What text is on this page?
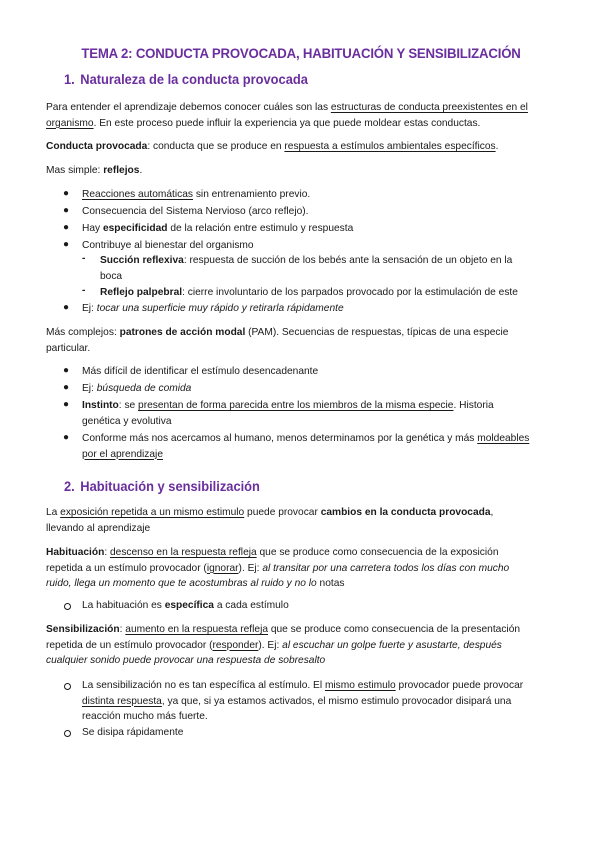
TEMA 2: CONDUCTA PROVOCADA, HABITUACIÓN Y SENSIBILIZACIÓN
1. Naturaleza de la conducta provocada
Para entender el aprendizaje debemos conocer cuáles son las estructuras de conducta preexistentes en el
organismo. En este proceso puede influir la experiencia ya que puede moldear estas conductas.
Conducta provocada: conducta que se produce en respuesta a estímulos ambientales específicos.
Mas simple: reflejos.
● Reacciones automáticas sin entrenamiento previo.
● Consecuencia del Sistema Nervioso (arco reflejo).
● Hay especificidad de la relación entre estimulo y respuesta
● Contribuye al bienestar del organismo
- Succión reflexiva: respuesta de succión de los bebés ante la sensación de un objeto en la
boca
- Reflejo palpebral: cierre involuntario de los parpados provocado por la estimulación de este
● Ej: tocar una superficie muy rápido y retirarla rápidamente
Más complejos: patrones de acción modal (PAM). Secuencias de respuestas, típicas de una especie
particular.
● Más difícil de identificar el estímulo desencadenante
● Ej: búsqueda de comida
● Instinto: se presentan de forma parecida entre los miembros de la misma especie. Historia
genética y evolutiva
● Conforme más nos acercamos al humano, menos determinamos por la genética y más moldeables
por el aprendizaje
2. Habituación y sensibilización
La exposición repetida a un mismo estimulo puede provocar cambios en la conducta provocada,
llevando al aprendizaje
Habituación: descenso en la respuesta refleja que se produce como consecuencia de la exposición
repetida a un estímulo provocador (ignorar). Ej: al transitar por una carretera todos los días con mucho
ruido, llega un momento que te acostumbras al ruido y no lo notas
La habituación es específica a cada estímulo
Sensibilización: aumento en la respuesta refleja que se produce como consecuencia de la presentación
repetida de un estímulo provocador (responder). Ej: al escuchar un golpe fuerte y asustarte, después
cualquier sonido puede provocar una respuesta de sobresalto
La sensibilización no es tan específica al estímulo. El mismo estimulo provocador puede provocar
distinta respuesta, ya que, si ya estamos activados, el mismo estimulo provocador disipará una
reacción mucho más fuerte.
Se disipa rápidamente
